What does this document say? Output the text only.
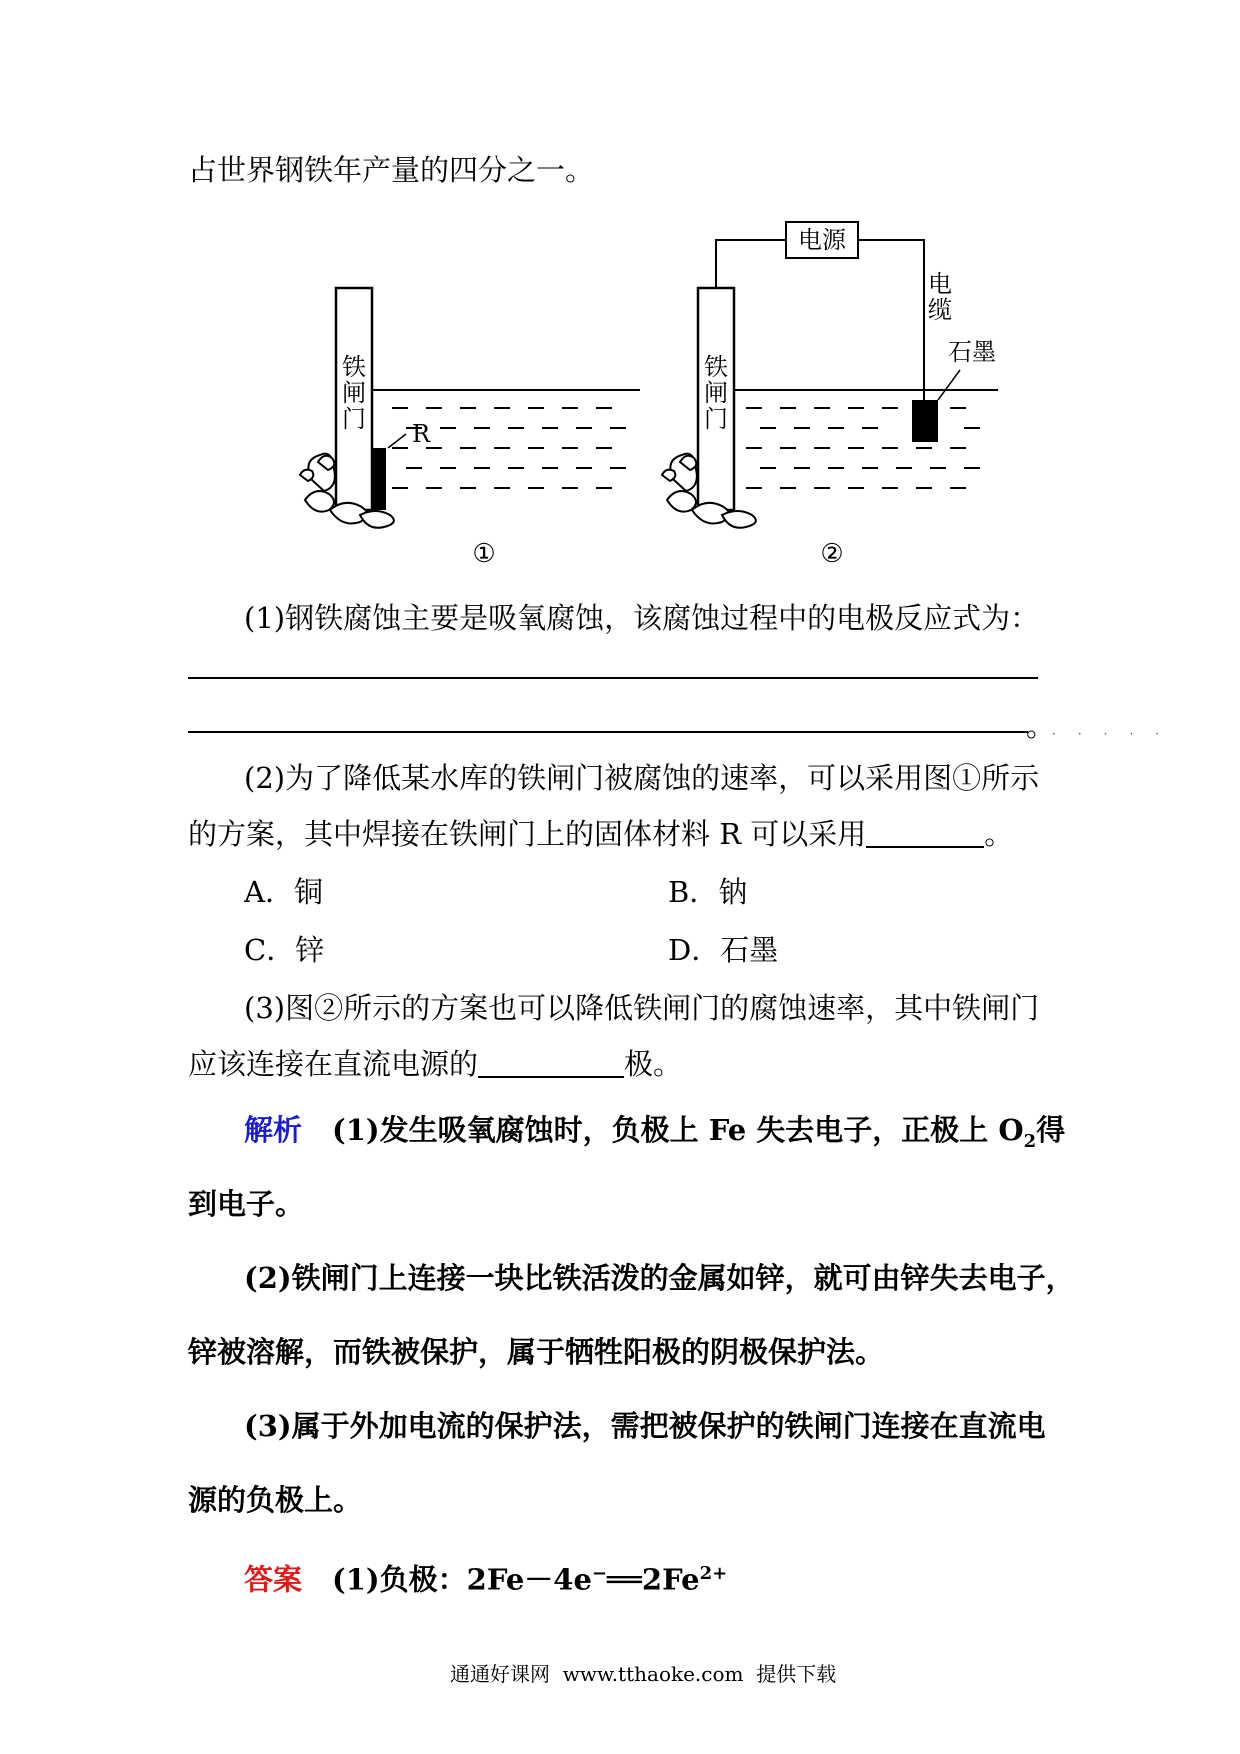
占世界钢铁年产量的四分之一。
铁闸门
R
①
电源
电缆
石墨
铁闸门
②
(1)钢铁腐蚀主要是吸氧腐蚀，该腐蚀过程中的电极反应式为：
。
·····
(2)为了降低某水库的铁闸门被腐蚀的速率，可以采用图①所示
的方案，其中焊接在铁闸门上的固体材料 R 可以采用	。
A．铜	B．钠
C．锌	D．石墨
(3)图②所示的方案也可以降低铁闸门的腐蚀速率，其中铁闸门
应该连接在直流电源的	极。
解析 (1)发生吸氧腐蚀时，负极上 Fe 失去电子，正极上 $O_2$得
到电子。
(2)铁闸门上连接一块比铁活泼的金属如锌，就可由锌失去电子，
锌被溶解，而铁被保护，属于牺牲阳极的阴极保护法。
(3)属于外加电流的保护法，需把被保护的铁闸门连接在直流电
源的负极上。
答案 (1)负极：$2Fe-4e^-══2Fe^{2+}$
通通好课网 www.tthaoke.com 提供下载
